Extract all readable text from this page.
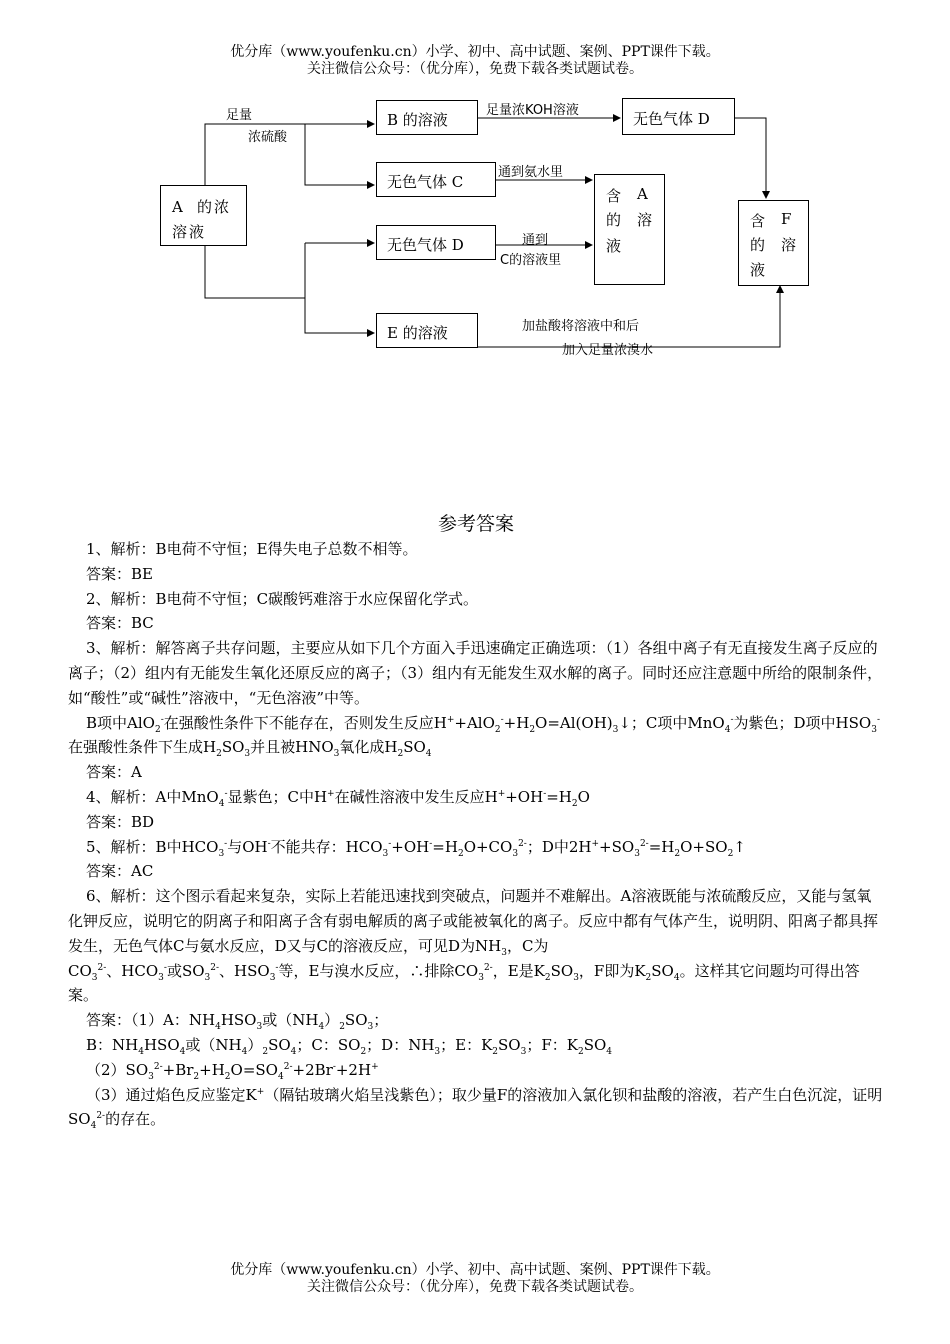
优分库（www.youfenku.cn）小学、初中、高中试题、案例、PPT课件下载。
关注微信公众号：（优分库），免费下载各类试题试卷。
A 的浓
溶液
B 的溶液
无色气体 C
无色气体 D
E 的溶液
无色气体 D
含 A
的 溶
液
含 F
的 溶
液
足量
浓硫酸
足量浓KOH溶液
通到氨水里
通到
C的溶液里
加盐酸将溶液中和后
加入足量浓溴水

参考答案

1、解析：B电荷不守恒；E得失电子总数不相等。

答案：BE

2、解析：B电荷不守恒；C碳酸钙难溶于水应保留化学式。

答案：BC

3、解析：解答离子共存问题，主要应从如下几个方面入手迅速确定正确选项：（1）各组中离子有无直接发生离子反应的离子；（2）组内有无能发生氧化还原反应的离子；（3）组内有无能发生双水解的离子。同时还应注意题中所给的限制条件，如“酸性”或“碱性”溶液中，“无色溶液”中等。

B项中AlO$_2$-在强酸性条件下不能存在，否则发生反应$H^++AlO_2^-+H_2O=Al(OH)_3↓$；C项中MnO$_4$-为紫色；D项中$HSO_3^-$在强酸性条件下生成$H_2SO_3$并且被$HNO_3$氧化成$H_2SO_4$

答案：A

4、解析：A中MnO$_4$-显紫色；C中H+在碱性溶液中发生反应$H^++OH^-=H_2O$

答案：BD

5、解析：B中$HCO_3^-$与OH-不能共存：$HCO_3^-+OH^-=H_2O+CO_3^{2-}$；D中$2H^++SO_3^{2-}=H_2O+SO_2↑$

答案：AC

6、解析：这个图示看起来复杂，实际上若能迅速找到突破点，问题并不难解出。A溶液既能与浓硫酸反应，又能与氢氧化钾反应，说明它的阴离子和阳离子含有弱电解质的离子或能被氧化的离子。反应中都有气体产生，说明阴、阳离子都具挥发生，无色气体C与氨水反应，D又与C的溶液反应，可见D为$NH_3$，C为
$CO_3^{2-}$、$HCO_3^-$或$SO_3^{2-}$、$HSO_3^-$等，E与溴水反应，∴排除$CO_3^{2-}$，E是$K_2SO_3$，F即为$K_2SO_4$。这样其它问题均可得出答案。

答案：（1）A：$NH_4HSO_3$或$(NH_4)_2SO_3$；

B：$NH_4HSO_4$或$(NH_4)_2SO_4$；C：$SO_2$；D：$NH_3$；E：$K_2SO_3$；F：$K_2SO_4$

$(2)SO_3^{2-}+Br_2+H_2O=SO_4^{2-}+2Br^-+2H^+$

（3）通过焰色反应鉴定K+（隔钴玻璃火焰呈浅紫色）；取少量F的溶液加入氯化钡和盐酸的溶液，若产生白色沉淀，证明$SO_4^{2-}$的存在。

优分库（www.youfenku.cn）小学、初中、高中试题、案例、PPT课件下载。
关注微信公众号：（优分库），免费下载各类试题试卷。
